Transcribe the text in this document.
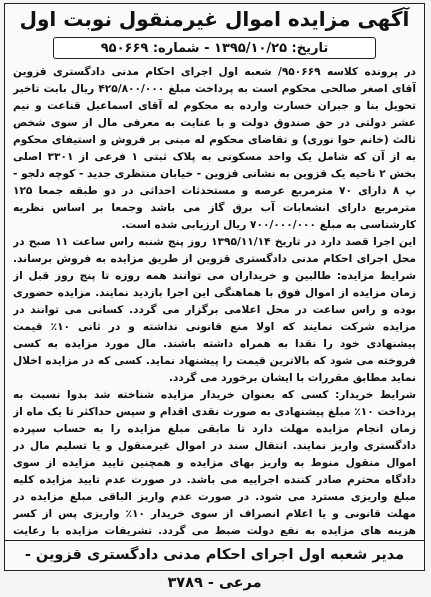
آگهی مزایده اموال غیرمنقول نوبت اول
تاریخ: ۱۳۹۵/۱۰/۲۵ - شماره: ۹۵۰۶۶۹

در پرونده کلاسه ۹۵۰۶۶۹/ شعبه اول اجرای احکام مدنی دادگستری قزوین آقای اصغر صالحی محکوم است به پرداخت مبلغ ۴۲۵/۸۰۰/۰۰۰ ریال بابت تاخیر تحویل بنا و جبران خسارت وارده به محکوم له آقای اسماعیل قناعت و نیم عشر دولتی در حق صندوق دولت و با عنایت به معرفی مال از سوی شخص ثالث (خانم حوا نوری) و تقاضای محکوم له مبنی بر فروش و استیفای محکوم به از آن که شامل یک واحد مسکونی به پلاک ثبتی ۱ فرعی از ۳۳۰۱ اصلی بخش ۲ ناحیه یک قزوین به نشانی قزوین - خیابان منتظری جدید - کوچه دلجو - پ ۸ دارای ۷۰ مترمربع عرصه و مستحدثات احداثی در دو طبقه جمعا ۱۲۵ مترمربع دارای انشعابات آب برق گاز می باشد وجمعا بر اساس نظریه کارشناسی به مبلغ ۷۰۰/۰۰۰/۰۰۰ ریال ارزیابی شده است.

این اجرا قصد دارد در تاریخ ۱۳۹۵/۱۱/۱۴ روز پنج شنبه راس ساعت ۱۱ صبح در محل اجرای احکام مدنی دادگستری قزوین از طریق مزایده به فروش برساند. شرایط مزایده: طالبین و خریداران می توانند همه روزه تا پنج روز قبل از زمان مزایده از اموال فوق با هماهنگی این اجرا بازدید نمایند. مزایده حضوری بوده و راس ساعت در محل اعلامی برگزار می گردد. کسانی می توانند در مزایده شرکت نمایند که اولا منع قانونی نداشته و در ثانی ۱۰٪ قیمت پیشنهادی خود را نقدا به همراه داشته باشند. مال مورد مزایده به کسی فروخته می شود که بالاترین قیمت را پیشنهاد نماید. کسی که در مزایده اخلال نماید مطابق مقررات با ایشان برخورد می گردد.

شرایط خریدار: کسی که بعنوان خریدار مزایده شناخته شد بدوا نسبت به پرداخت ۱۰٪ مبلغ پیشنهادی به صورت نقدی اقدام و سپس حداکثر تا یک ماه از زمان انجام مزایده مهلت دارد تا مابقی مبلغ مزایده را به حساب سپرده دادگستری واریز نمایند. انتقال سند در اموال غیرمنقول و یا تسلیم مال در اموال منقول منوط به واریز بهای مزایده و همچنین تایید مزایده از سوی دادگاه محترم صادر کننده اجراییه می باشد. در صورت عدم تایید مزایده کلیه مبلغ واریزی مسترد می شود. در صورت عدم واریز الباقی مبلغ مزایده در مهلت قانونی و یا اعلام انصراف از سوی خریدار ۱۰٪ واریزی پس از کسر هزینه های مزایده به نفع دولت ضبط می گردد. تشریفات مزایده با رعایت

مدیر شعبه اول اجرای احکام مدنی دادگستری قزوین - مرعی - ۳۷۸۹
